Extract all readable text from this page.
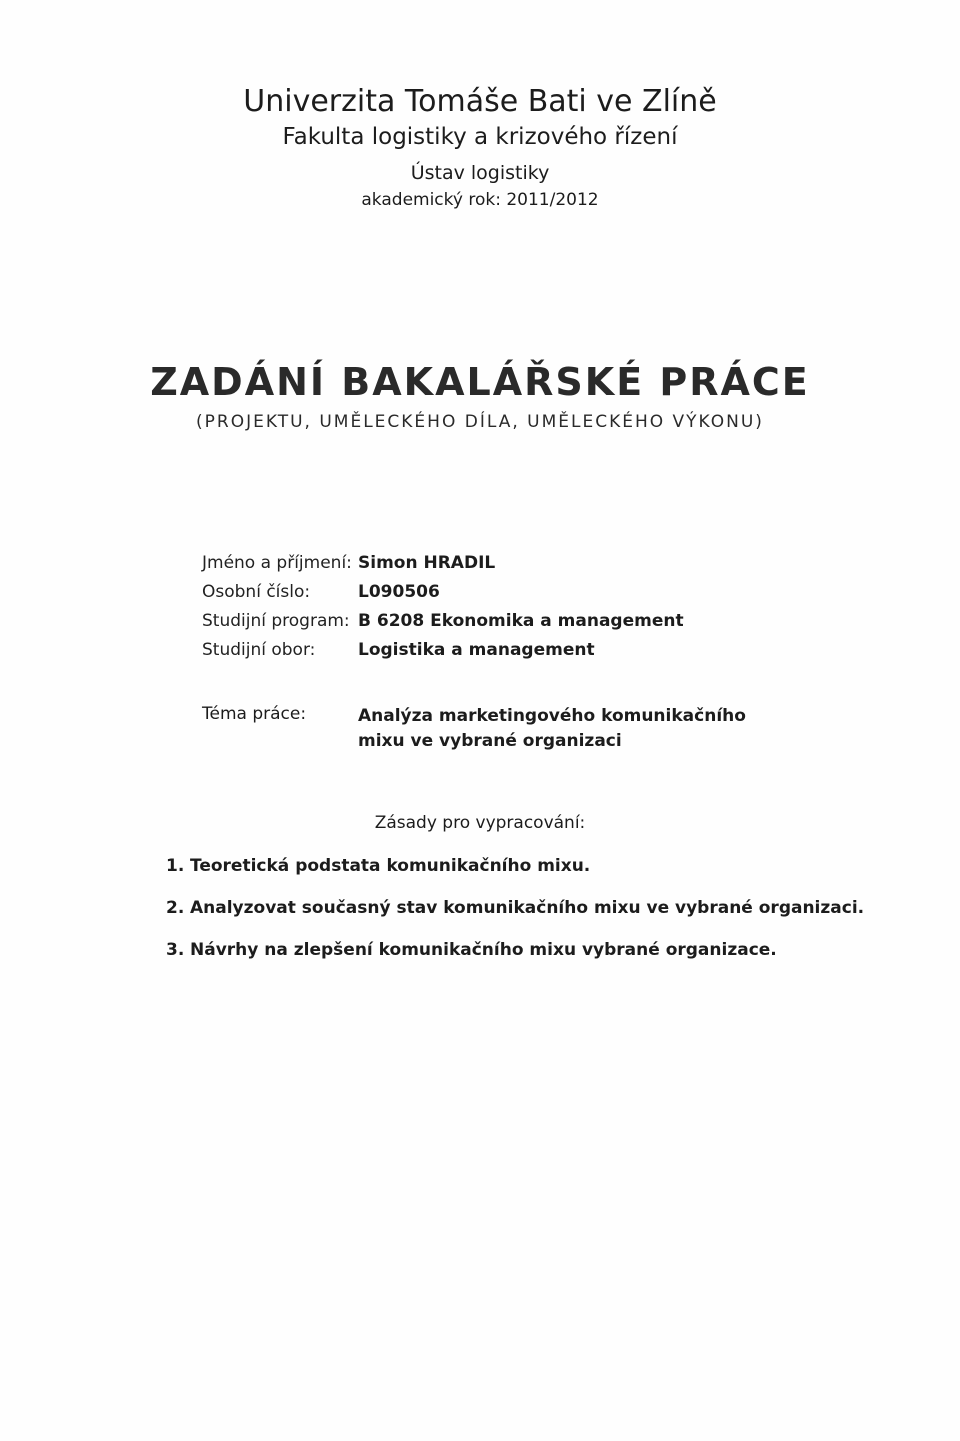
Univerzita Tomáše Bati ve Zlíně
Fakulta logistiky a krizového řízení
Ústav logistiky
akademický rok: 2011/2012
ZADÁNÍ BAKALÁŘSKÉ PRÁCE
(PROJEKTU, UMĚLECKÉHO DÍLA, UMĚLECKÉHO VÝKONU)
Jméno a příjmení: Simon HRADIL
Osobní číslo:	L090506
Studijní program: B 6208 Ekonomika a management
Studijní obor:	Logistika a management
Téma práce:	Analýza marketingového komunikačního mixu ve vybrané organizaci
Zásady pro vypracování:
1. Teoretická podstata komunikačního mixu.
2. Analyzovat současný stav komunikačního mixu ve vybrané organizaci.
3. Návrhy na zlepšení komunikačního mixu vybrané organizace.
